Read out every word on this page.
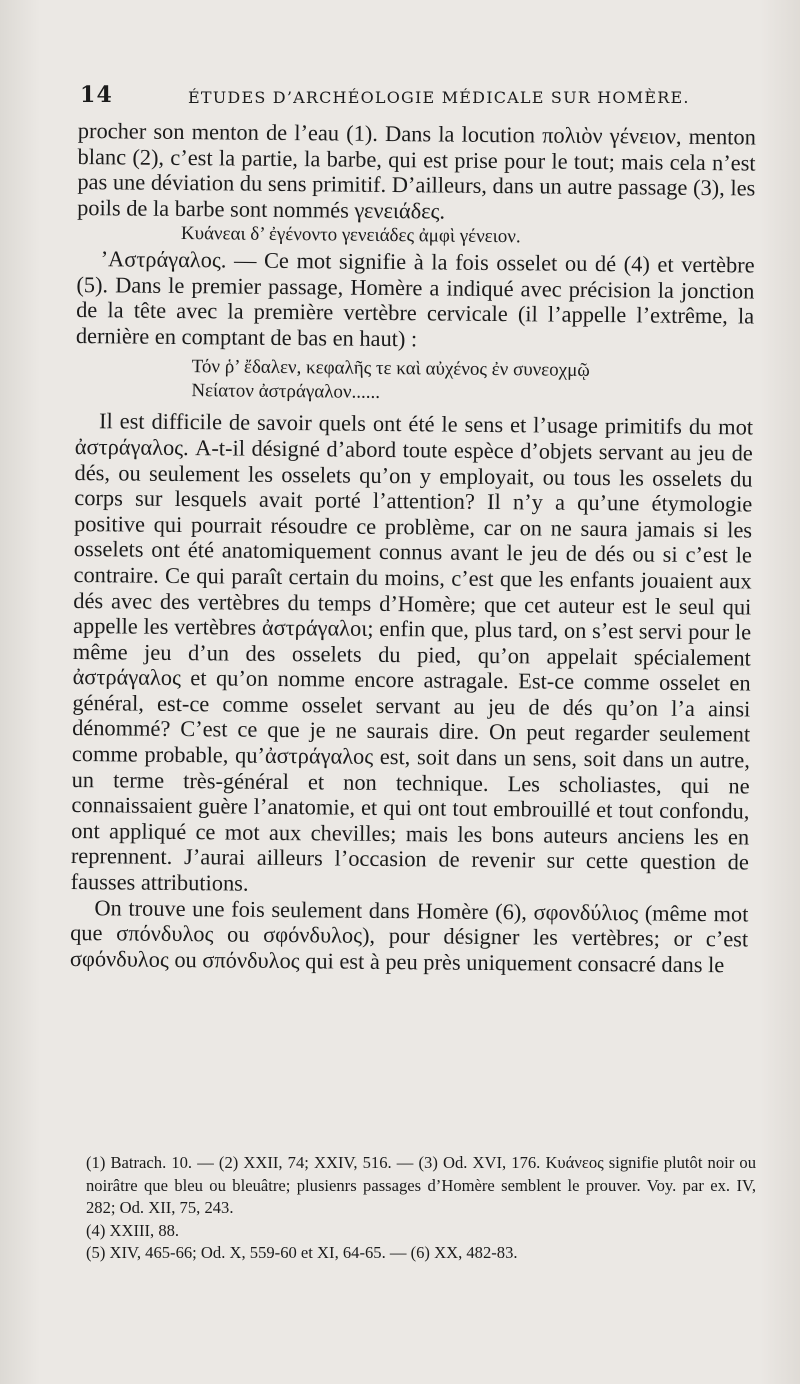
14	ÉTUDES D’ARCHÉOLOGIE MÉDICALE SUR HOMÈRE.

procher son menton de l’eau (1). Dans la locution πολιὸν γένειον, menton blanc (2), c’est la partie, la barbe, qui est prise pour le tout; mais cela n’est pas une déviation du sens primitif. D’ailleurs, dans un autre passage (3), les poils de la barbe sont nommés γενειάδες.

Κυάνεαι δ’ ἐγένοντο γενειάδες ἀμφὶ γένειον.

’Αστράγαλος. — Ce mot signifie à la fois osselet ou dé (4) et vertèbre (5). Dans le premier passage, Homère a indiqué avec précision la jonction de la tête avec la première vertèbre cervicale (il l’appelle l’extrême, la dernière en comptant de bas en haut) :

Τόν ῥ’ ἔδαλεν, κεφαλῆς τε καὶ αὐχένος ἐν συνεοχμῷ
Νείατον ἀστράγαλον......

Il est difficile de savoir quels ont été le sens et l’usage primitifs du mot ἀστράγαλος. A-t-il désigné d’abord toute espèce d’objets servant au jeu de dés, ou seulement les osselets qu’on y employait, ou tous les osselets du corps sur lesquels avait porté l’attention? Il n’y a qu’une étymologie positive qui pourrait résoudre ce problème, car on ne saura jamais si les osselets ont été anatomiquement connus avant le jeu de dés ou si c’est le contraire. Ce qui paraît certain du moins, c’est que les enfants jouaient aux dés avec des vertèbres du temps d’Homère; que cet auteur est le seul qui appelle les vertèbres ἀστράγαλοι; enfin que, plus tard, on s’est servi pour le même jeu d’un des osselets du pied, qu’on appelait spécialement ἀστράγαλος et qu’on nomme encore astragale. Est-ce comme osselet en général, est-ce comme osselet servant au jeu de dés qu’on l’a ainsi dénommé? C’est ce que je ne saurais dire. On peut regarder seulement comme probable, qu’ἀστράγαλος est, soit dans un sens, soit dans un autre, un terme très-général et non technique. Les scholiastes, qui ne connaissaient guère l’anatomie, et qui ont tout embrouillé et tout confondu, ont appliqué ce mot aux chevilles; mais les bons auteurs anciens les en reprennent. J’aurai ailleurs l’occasion de revenir sur cette question de fausses attributions.

On trouve une fois seulement dans Homère (6), σφονδύλιος (même mot que σπόνδυλος ou σφόνδυλος), pour désigner les vertèbres; or c’est σφόνδυλος ou σπόνδυλος qui est à peu près uniquement consacré dans le

(1) Batrach. 10. — (2) XXII, 74; XXIV, 516. — (3) Od. XVI, 176. Κυάνεος signifie plutôt noir ou noirâtre que bleu ou bleuâtre; plusienrs passages d’Homère semblent le prouver. Voy. par ex. IV, 282; Od. XII, 75, 243.
(4) XXIII, 88.
(5) XIV, 465-66; Od. X, 559-60 et XI, 64-65. — (6) XX, 482-83.
